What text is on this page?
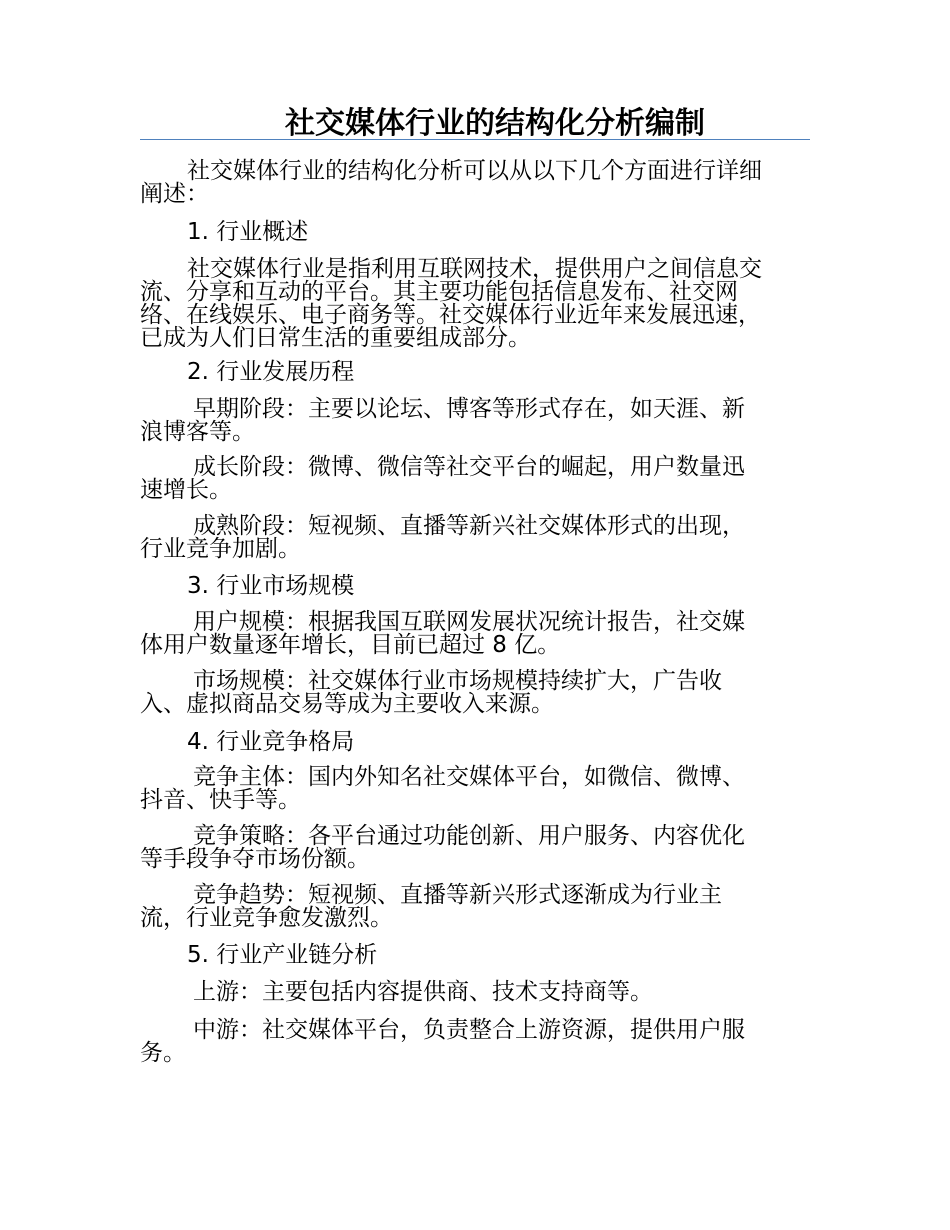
社交媒体行业的结构化分析编制
社交媒体行业的结构化分析可以从以下几个方面进行详细
阐述：
1. 行业概述
社交媒体行业是指利用互联网技术，提供用户之间信息交
流、分享和互动的平台。其主要功能包括信息发布、社交网
络、在线娱乐、电子商务等。社交媒体行业近年来发展迅速，
已成为人们日常生活的重要组成部分。
2. 行业发展历程
早期阶段：主要以论坛、博客等形式存在，如天涯、新
浪博客等。
成长阶段：微博、微信等社交平台的崛起，用户数量迅
速增长。
成熟阶段：短视频、直播等新兴社交媒体形式的出现，
行业竞争加剧。
3. 行业市场规模
用户规模：根据我国互联网发展状况统计报告，社交媒
体用户数量逐年增长，目前已超过 8 亿。
市场规模：社交媒体行业市场规模持续扩大，广告收
入、虚拟商品交易等成为主要收入来源。
4. 行业竞争格局
竞争主体：国内外知名社交媒体平台，如微信、微博、
抖音、快手等。
竞争策略：各平台通过功能创新、用户服务、内容优化
等手段争夺市场份额。
竞争趋势：短视频、直播等新兴形式逐渐成为行业主
流，行业竞争愈发激烈。
5. 行业产业链分析
上游：主要包括内容提供商、技术支持商等。
中游：社交媒体平台，负责整合上游资源，提供用户服
务。
